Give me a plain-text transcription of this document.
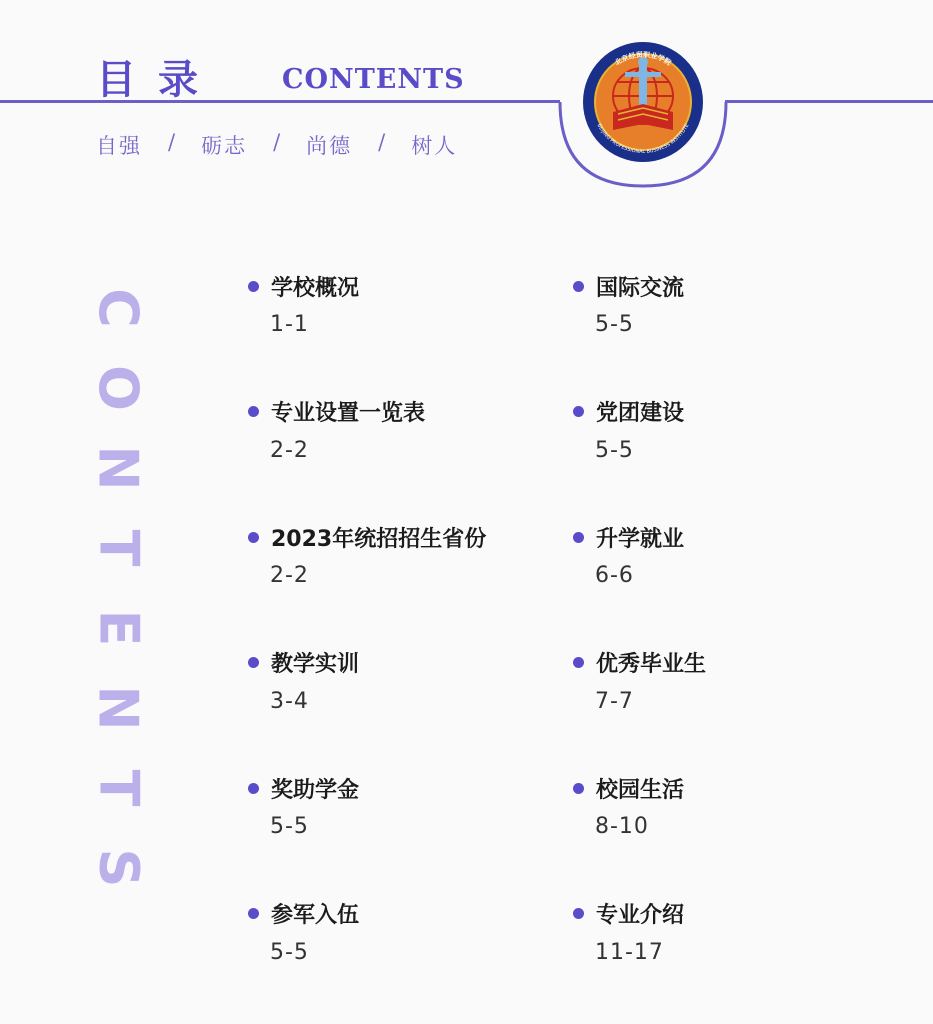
北京经贸职业学院
BEIJING PROFESSIONAL BUSINESS INSTITUTE
目录 CONTENTS
自强 / 砺志 / 尚德 / 树人
C
O
N
T
E
N
T
S
学校概况
1-1
专业设置一览表
2-2
2023年统招招生省份
2-2
教学实训
3-4
奖助学金
5-5
参军入伍
5-5
国际交流
5-5
党团建设
5-5
升学就业
6-6
优秀毕业生
7-7
校园生活
8-10
专业介绍
11-17
